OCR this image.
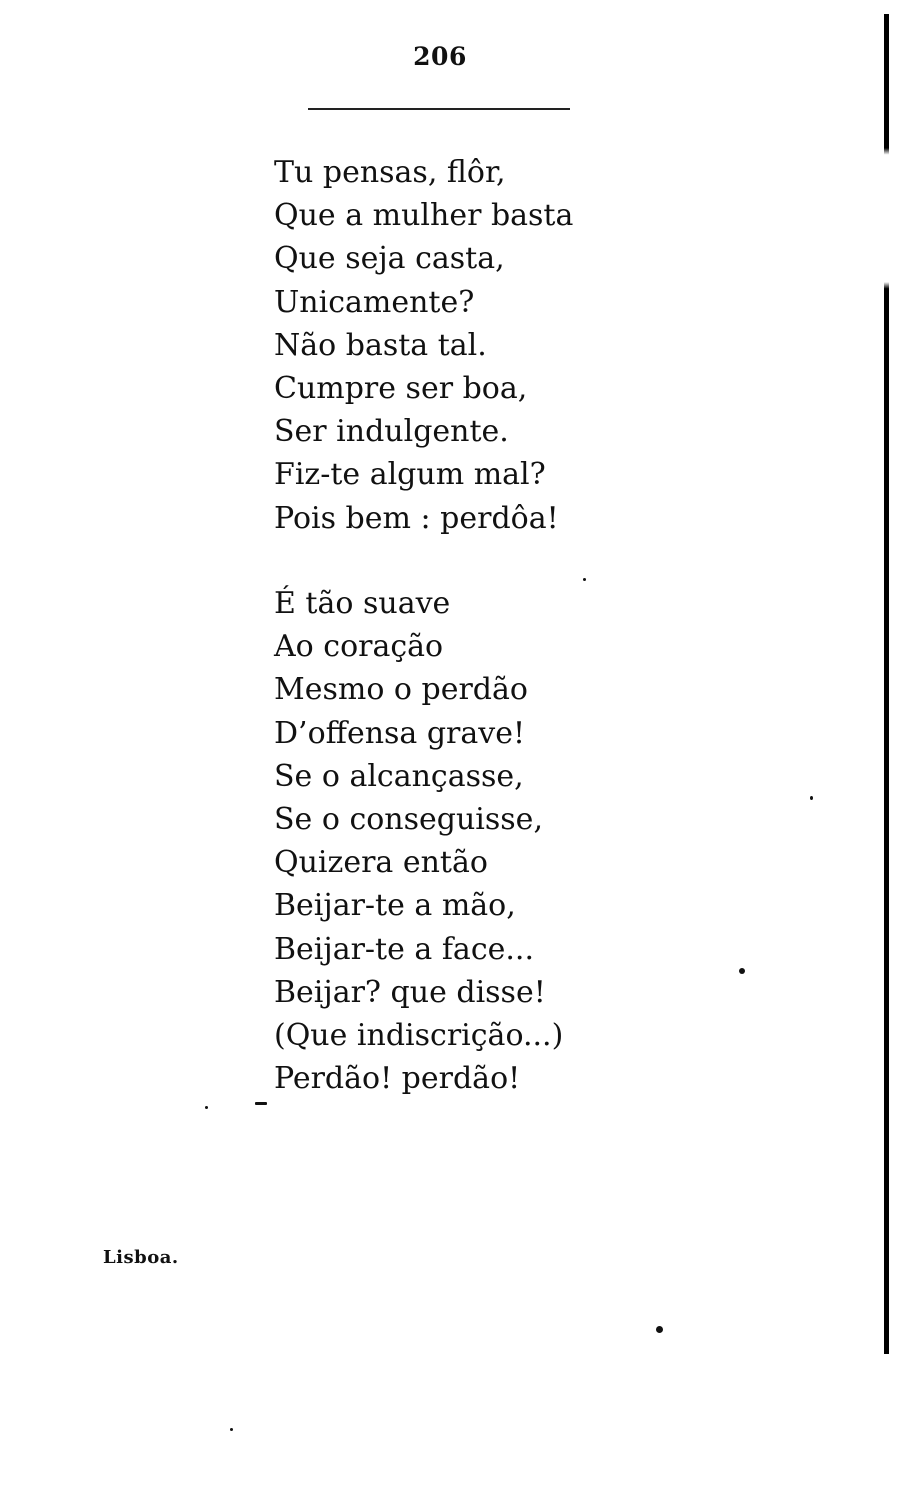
206
Tu pensas, flôr,
Que a mulher basta
Que seja casta,
Unicamente?
Não basta tal.
Cumpre ser boa,
Ser indulgente.
Fiz-te algum mal?
Pois bem : perdôa!
É tão suave
Ao coração
Mesmo o perdão
D’offensa grave!
Se o alcançasse,
Se o conseguisse,
Quizera então
Beijar-te a mão,
Beijar-te a face...
Beijar? que disse!
(Que indiscrição...)
Perdão! perdão!
Lisboa.
